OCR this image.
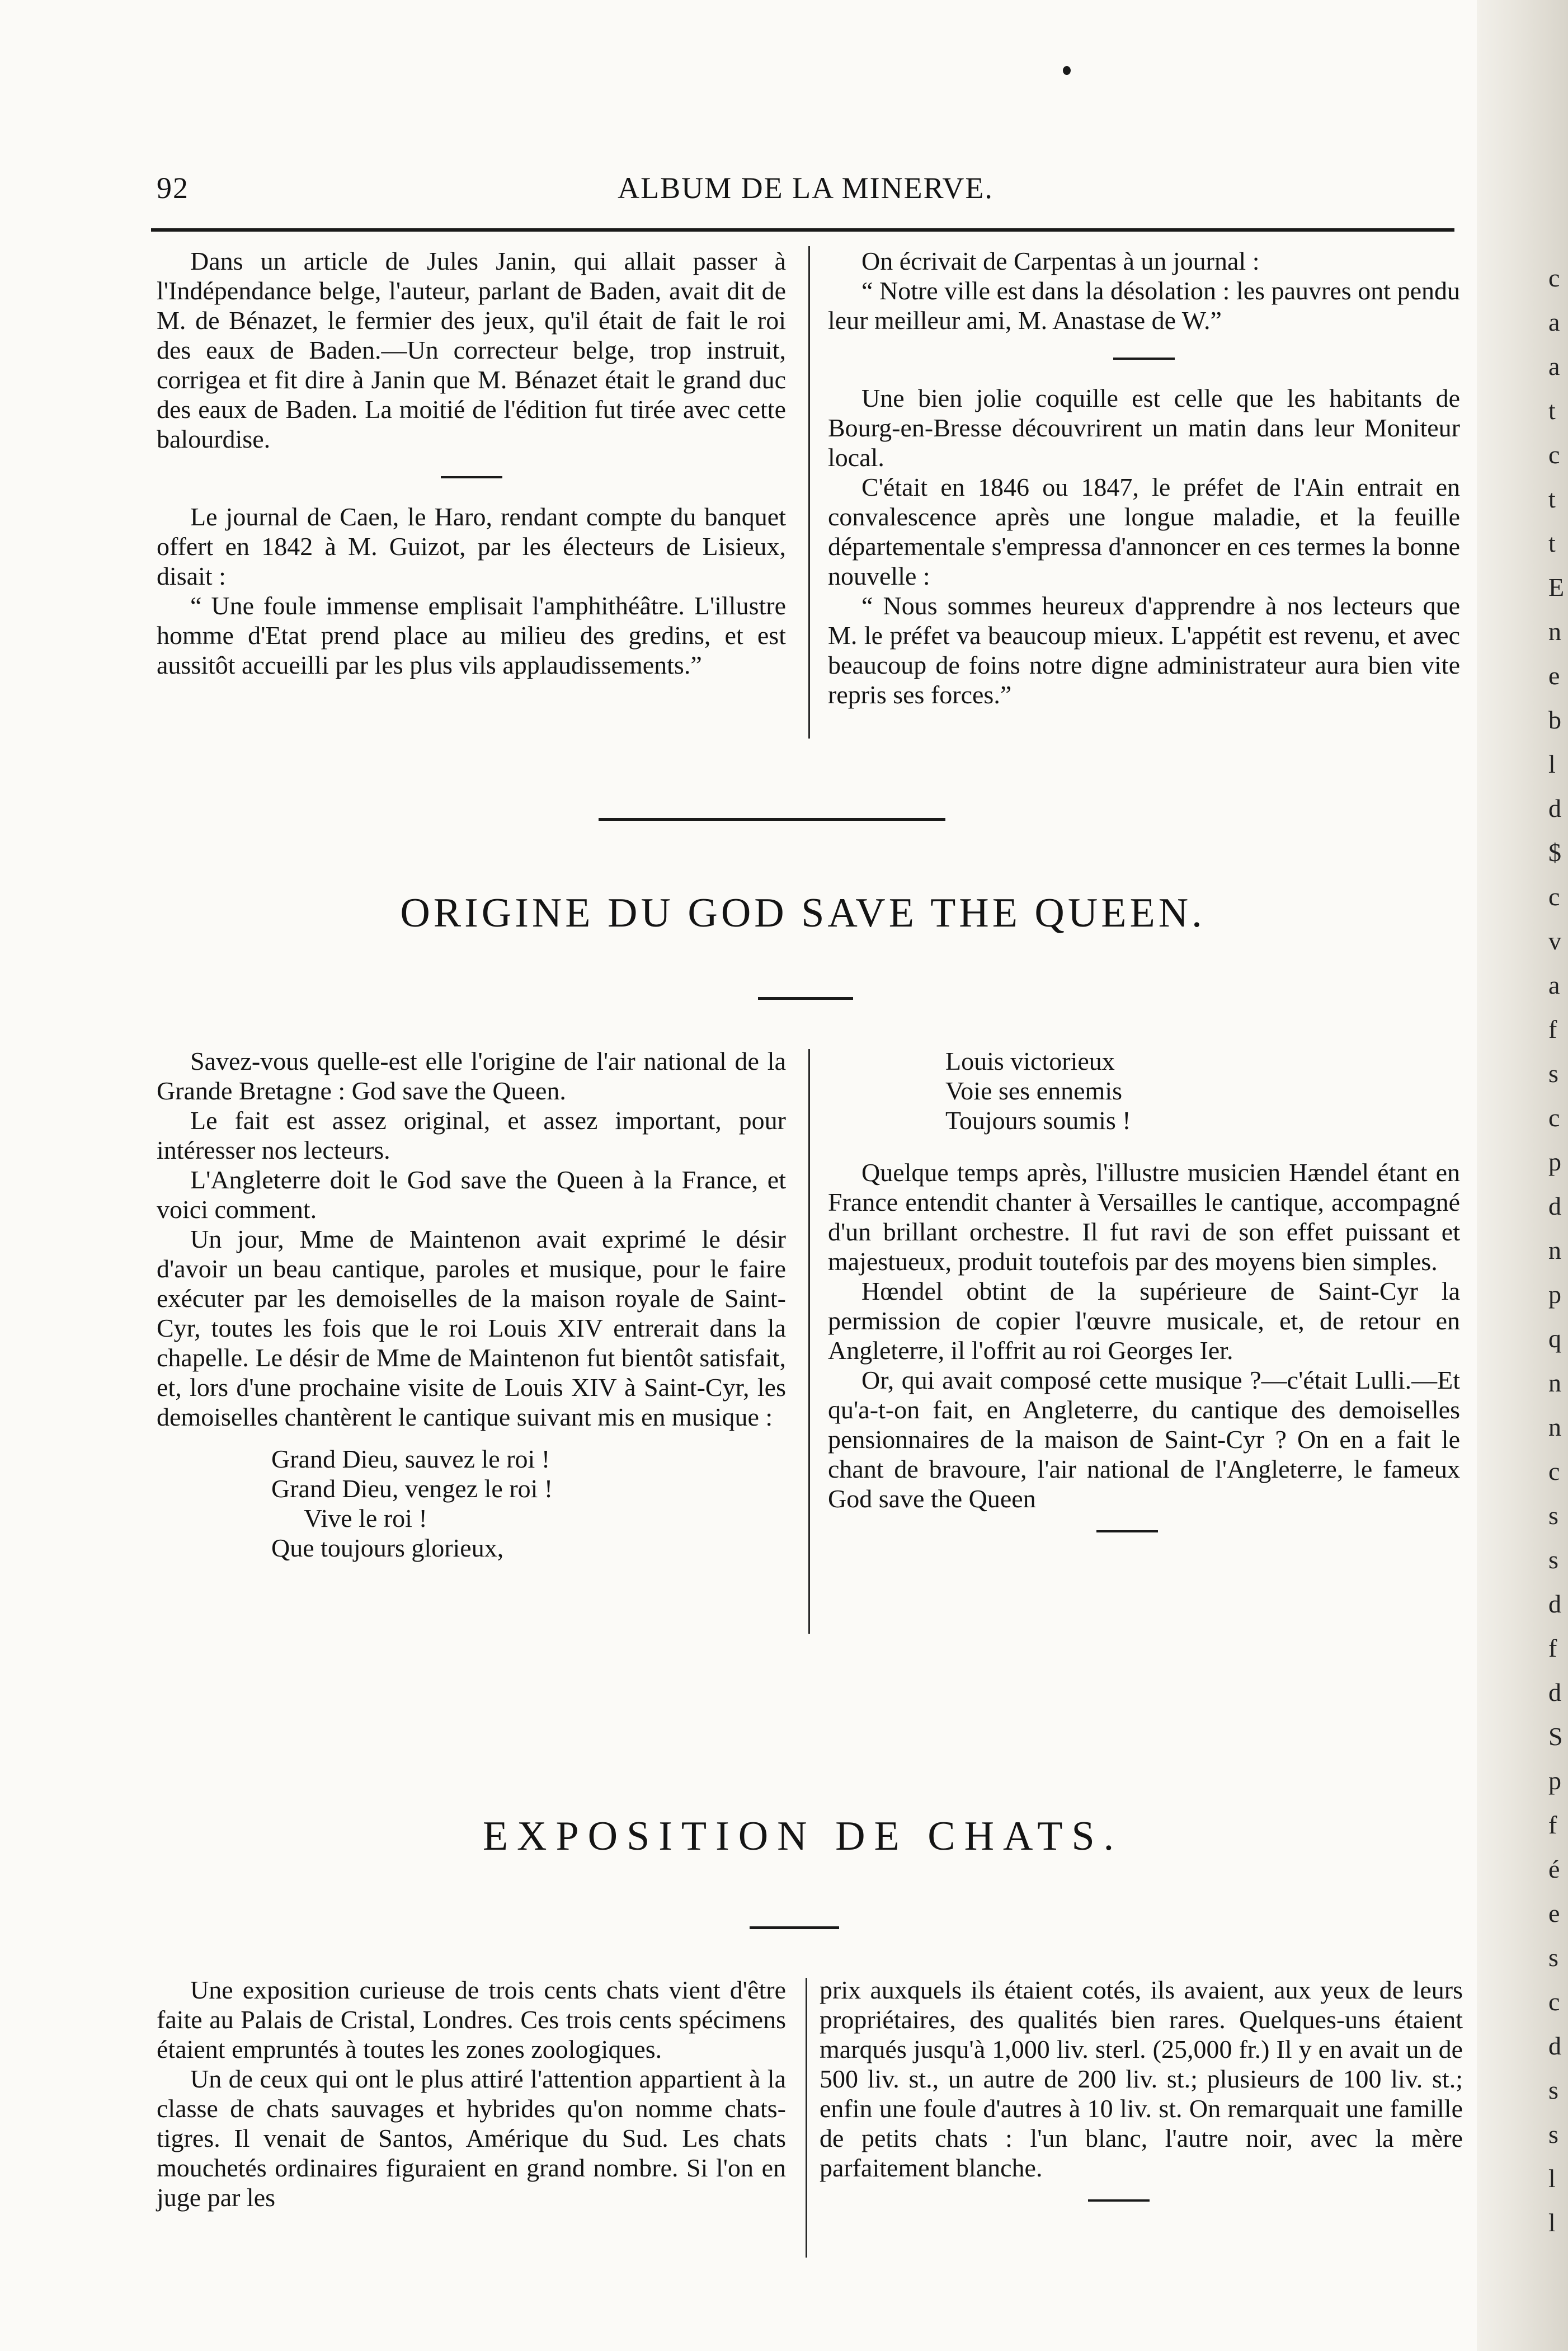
92	ALBUM DE LA MINERVE.

Dans un article de Jules Janin, qui allait passer à l'Indépendance belge, l'auteur, parlant de Baden, avait dit de M. de Bénazet, le fermier des jeux, qu'il était de fait le roi des eaux de Baden.—Un correcteur belge, trop instruit, corrigea et fit dire à Janin que M. Bénazet était le grand duc des eaux de Baden. La moitié de l'édition fut tirée avec cette balourdise.

Le journal de Caen, le Haro, rendant compte du banquet offert en 1842 à M. Guizot, par les électeurs de Lisieux, disait :

“ Une foule immense emplisait l'amphithéâtre. L'illustre homme d'Etat prend place au milieu des gredins, et est aussitôt accueilli par les plus vils applaudissements.”

On écrivait de Carpentas à un journal :

“ Notre ville est dans la désolation : les pauvres ont pendu leur meilleur ami, M. Anastase de W.”

Une bien jolie coquille est celle que les habitants de Bourg-en-Bresse découvrirent un matin dans leur Moniteur local.

C'était en 1846 ou 1847, le préfet de l'Ain entrait en convalescence après une longue maladie, et la feuille départementale s'empressa d'annoncer en ces termes la bonne nouvelle :

“ Nous sommes heureux d'apprendre à nos lecteurs que M. le préfet va beaucoup mieux. L'appétit est revenu, et avec beaucoup de foins notre digne administrateur aura bien vite repris ses forces.”

ORIGINE DU GOD SAVE THE QUEEN.

Savez-vous quelle-est elle l'origine de l'air national de la Grande Bretagne : God save the Queen.

Le fait est assez original, et assez important, pour intéresser nos lecteurs.

L'Angleterre doit le God save the Queen à la France, et voici comment.

Un jour, Mme de Maintenon avait exprimé le désir d'avoir un beau cantique, paroles et musique, pour le faire exécuter par les demoiselles de la maison royale de Saint-Cyr, toutes les fois que le roi Louis XIV entrerait dans la chapelle. Le désir de Mme de Maintenon fut bientôt satisfait, et, lors d'une prochaine visite de Louis XIV à Saint-Cyr, les demoiselles chantèrent le cantique suivant mis en musique :

Grand Dieu, sauvez le roi !
Grand Dieu, vengez le roi !
Vive le roi !
Que toujours glorieux,
Louis victorieux
Voie ses ennemis
Toujours soumis !

Quelque temps après, l'illustre musicien Hændel étant en France entendit chanter à Versailles le cantique, accompagné d'un brillant orchestre. Il fut ravi de son effet puissant et majestueux, produit toutefois par des moyens bien simples.

Hœndel obtint de la supérieure de Saint-Cyr la permission de copier l'œuvre musicale, et, de retour en Angleterre, il l'offrit au roi Georges Ier.

Or, qui avait composé cette musique ?—c'était Lulli.—Et qu'a-t-on fait, en Angleterre, du cantique des demoiselles pensionnaires de la maison de Saint-Cyr ? On en a fait le chant de bravoure, l'air national de l'Angleterre, le fameux God save the Queen

EXPOSITION DE CHATS.

Une exposition curieuse de trois cents chats vient d'être faite au Palais de Cristal, Londres. Ces trois cents spécimens étaient empruntés à toutes les zones zoologiques.

Un de ceux qui ont le plus attiré l'attention appartient à la classe de chats sauvages et hybrides qu'on nomme chats-tigres. Il venait de Santos, Amérique du Sud. Les chats mouchetés ordinaires figuraient en grand nombre. Si l'on en juge par les

prix auxquels ils étaient cotés, ils avaient, aux yeux de leurs propriétaires, des qualités bien rares. Quelques-uns étaient marqués jusqu'à 1,000 liv. sterl. (25,000 fr.) Il y en avait un de 500 liv. st., un autre de 200 liv. st.; plusieurs de 100 liv. st.; enfin une foule d'autres à 10 liv. st. On remarquait une famille de petits chats : l'un blanc, l'autre noir, avec la mère parfaitement blanche.

c
a
a
t
c
t
t
E
n
e
b
l
d
$
c
v
a
f
s
c
p
d
n
p
q
n
n
c
s
s
d
f
d
S
p
f
é
e
s
c
d
s
s
l
l
